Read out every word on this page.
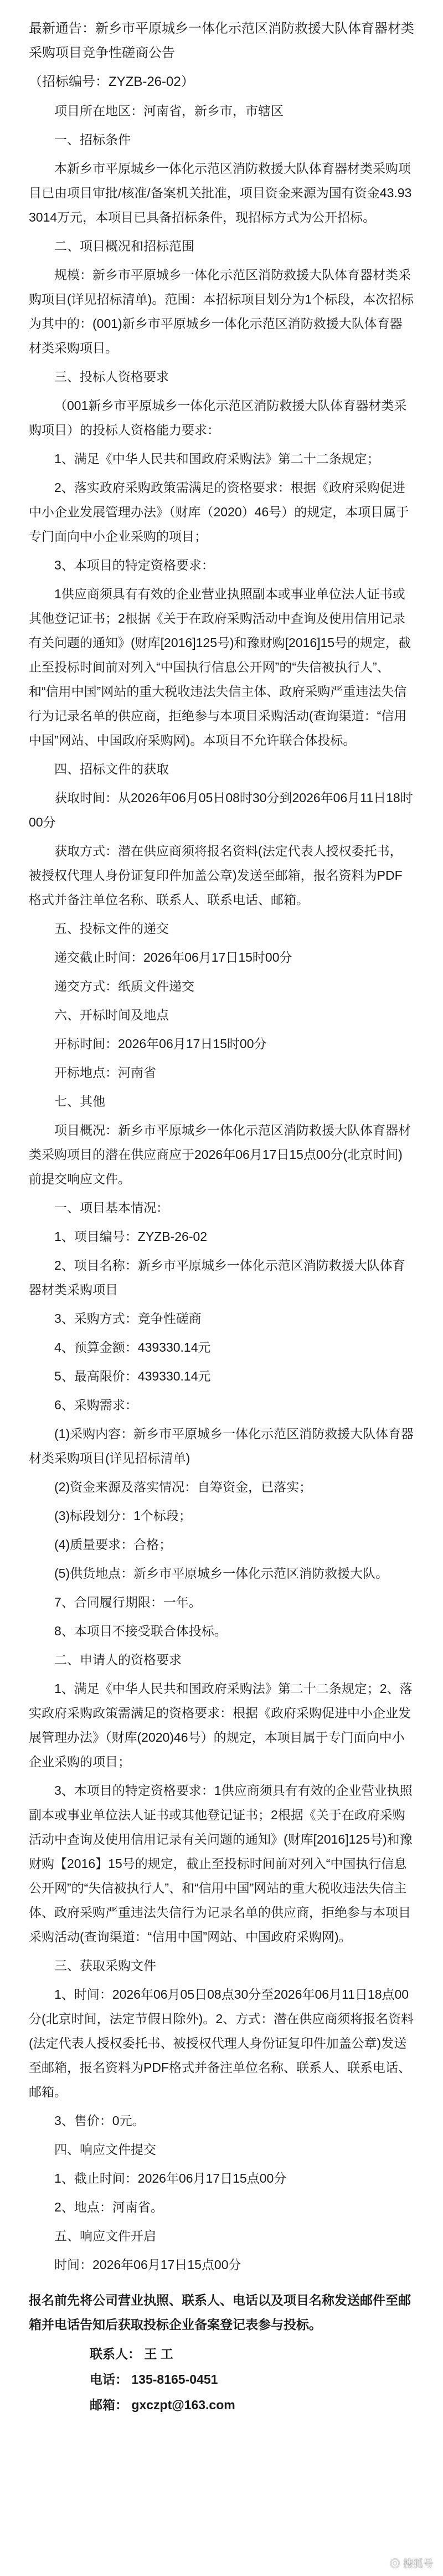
最新通告：新乡市平原城乡一体化示范区消防救援大队体育器材类采购项目竞争性磋商公告

（招标编号：ZYZB-26-02）

项目所在地区：河南省，新乡市，市辖区

一、招标条件

本新乡市平原城乡一体化示范区消防救援大队体育器材类采购项目已由项目审批/核准/备案机关批准，项目资金来源为国有资金43.933014万元，本项目已具备招标条件，现招标方式为公开招标。

二、项目概况和招标范围

规模：新乡市平原城乡一体化示范区消防救援大队体育器材类采购项目(详见招标清单)。范围：本招标项目划分为1个标段，本次招标为其中的：(001)新乡市平原城乡一体化示范区消防救援大队体育器材类采购项目。

三、投标人资格要求

（001新乡市平原城乡一体化示范区消防救援大队体育器材类采购项目）的投标人资格能力要求：

1、满足《中华人民共和国政府采购法》第二十二条规定；

2、落实政府采购政策需满足的资格要求：根据《政府采购促进中小企业发展管理办法》（财库（2020）46号）的规定，本项目属于专门面向中小企业采购的项目；

3、本项目的特定资格要求：

1供应商须具有有效的企业营业执照副本或事业单位法人证书或其他登记证书；2根据《关于在政府采购活动中查询及使用信用记录有关问题的通知》(财库[2016]125号)和豫财购[2016]15号的规定，截止至投标时间前对列入“中国执行信息公开网”的“失信被执行人”、和“信用中国”网站的重大税收违法失信主体、政府采购严重违法失信行为记录名单的供应商，拒绝参与本项目采购活动(查询渠道：“信用中国”网站、中国政府采购网)。本项目不允许联合体投标。

四、招标文件的获取

获取时间：从2026年06月05日08时30分到2026年06月11日18时00分

获取方式：潜在供应商须将报名资料(法定代表人授权委托书，被授权代理人身份证复印件加盖公章)发送至邮箱，报名资料为PDF格式并备注单位名称、联系人、联系电话、邮箱。

五、投标文件的递交

递交截止时间：2026年06月17日15时00分

递交方式：纸质文件递交

六、开标时间及地点

开标时间：2026年06月17日15时00分

开标地点：河南省

七、其他

项目概况：新乡市平原城乡一体化示范区消防救援大队体育器材类采购项目的潜在供应商应于2026年06月17日15点00分(北京时间)前提交响应文件。

一、项目基本情况：

1、项目编号：ZYZB-26-02

2、项目名称：新乡市平原城乡一体化示范区消防救援大队体育器材类采购项目

3、采购方式：竞争性磋商

4、预算金额：439330.14元

5、最高限价：439330.14元

6、采购需求：

(1)采购内容：新乡市平原城乡一体化示范区消防救援大队体育器材类采购项目(详见招标清单)

(2)资金来源及落实情况：自筹资金，已落实；

(3)标段划分：1个标段；

(4)质量要求：合格；

(5)供货地点：新乡市平原城乡一体化示范区消防救援大队。

7、合同履行期限：一年。

8、本项目不接受联合体投标。

二、申请人的资格要求

1、满足《中华人民共和国政府采购法》第二十二条规定；2、落实政府采购政策需满足的资格要求：根据《政府采购促进中小企业发展管理办法》（财库(2020)46号）的规定，本项目属于专门面向中小企业采购的项目；

3、本项目的特定资格要求：1供应商须具有有效的企业营业执照副本或事业单位法人证书或其他登记证书；2根据《关于在政府采购活动中查询及使用信用记录有关问题的通知》(财库[2016]125号)和豫财购【2016】15号的规定，截止至投标时间前对列入“中国执行信息公开网”的“失信被执行人”、和“信用中国”网站的重大税收违法失信主体、政府采购严重违法失信行为记录名单的供应商，拒绝参与本项目采购活动(查询渠道：“信用中国”网站、中国政府采购网)。

三、获取采购文件

1、时间：2026年06月05日08点30分至2026年06月11日18点00分(北京时间，法定节假日除外)。2、方式：潜在供应商须将报名资料(法定代表人授权委托书、被授权代理人身份证复印件加盖公章)发送至邮箱，报名资料为PDF格式并备注单位名称、联系人、联系电话、邮箱。

3、售价：0元。

四、响应文件提交

1、截止时间：2026年06月17日15点00分

2、地点：河南省。

五、响应文件开启

时间：2026年06月17日15点00分

报名前先将公司营业执照、联系人、电话以及项目名称发送邮件至邮箱并电话告知后获取投标企业备案登记表参与投标。

联系人： 王 工

电话： 135-8165-0451

邮箱： gxczpt@163.com

⦿ 搜狐号
